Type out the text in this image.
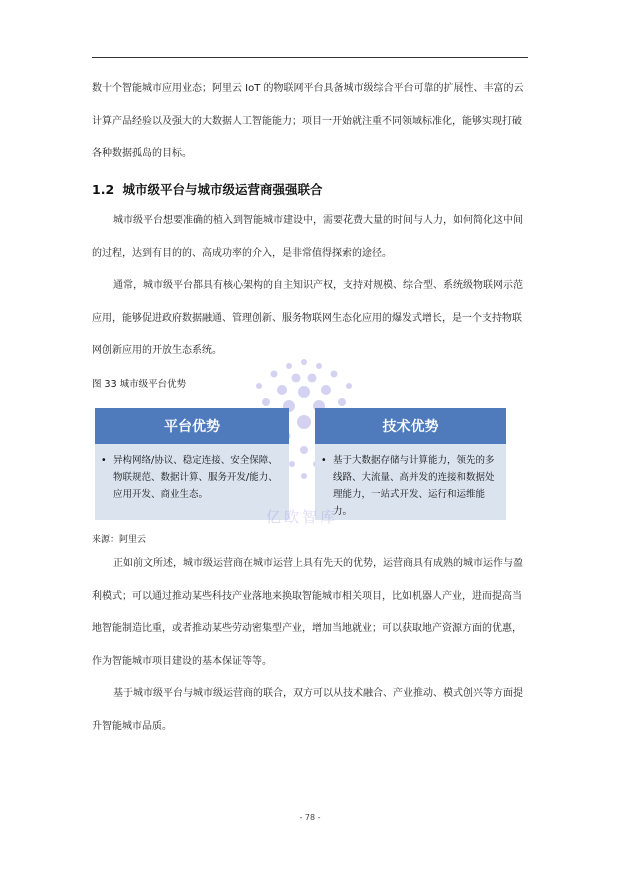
数十个智能城市应用业态；阿里云 IoT 的物联网平台具备城市级综合平台可靠的扩展性、丰富的云计算产品经验以及强大的大数据人工智能能力；项目一开始就注重不同领域标准化，能够实现打破各种数据孤岛的目标。

1.2 城市级平台与城市级运营商强强联合

城市级平台想要准确的植入到智能城市建设中，需要花费大量的时间与人力，如何简化这中间的过程，达到有目的的、高成功率的介入，是非常值得探索的途径。

通常，城市级平台都具有核心架构的自主知识产权，支持对规模、综合型、系统级物联网示范应用，能够促进政府数据融通、管理创新、服务物联网生态化应用的爆发式增长，是一个支持物联网创新应用的开放生态系统。

图 33 城市级平台优势
平台优势
• 异构网络/协议、稳定连接、安全保障、物联规范、数据计算、服务开发/能力、应用开发、商业生态。
技术优势
• 基于大数据存储与计算能力，领先的多线路、大流量、高并发的连接和数据处理能力，一站式开发、运行和运维能力。
亿欧智库
来源：阿里云

正如前文所述，城市级运营商在城市运营上具有先天的优势，运营商具有成熟的城市运作与盈利模式；可以通过推动某些科技产业落地来换取智能城市相关项目，比如机器人产业，进而提高当地智能制造比重，或者推动某些劳动密集型产业，增加当地就业；可以获取地产资源方面的优惠，作为智能城市项目建设的基本保证等等。

基于城市级平台与城市级运营商的联合，双方可以从技术融合、产业推动、模式创兴等方面提升智能城市品质。

- 78 -
